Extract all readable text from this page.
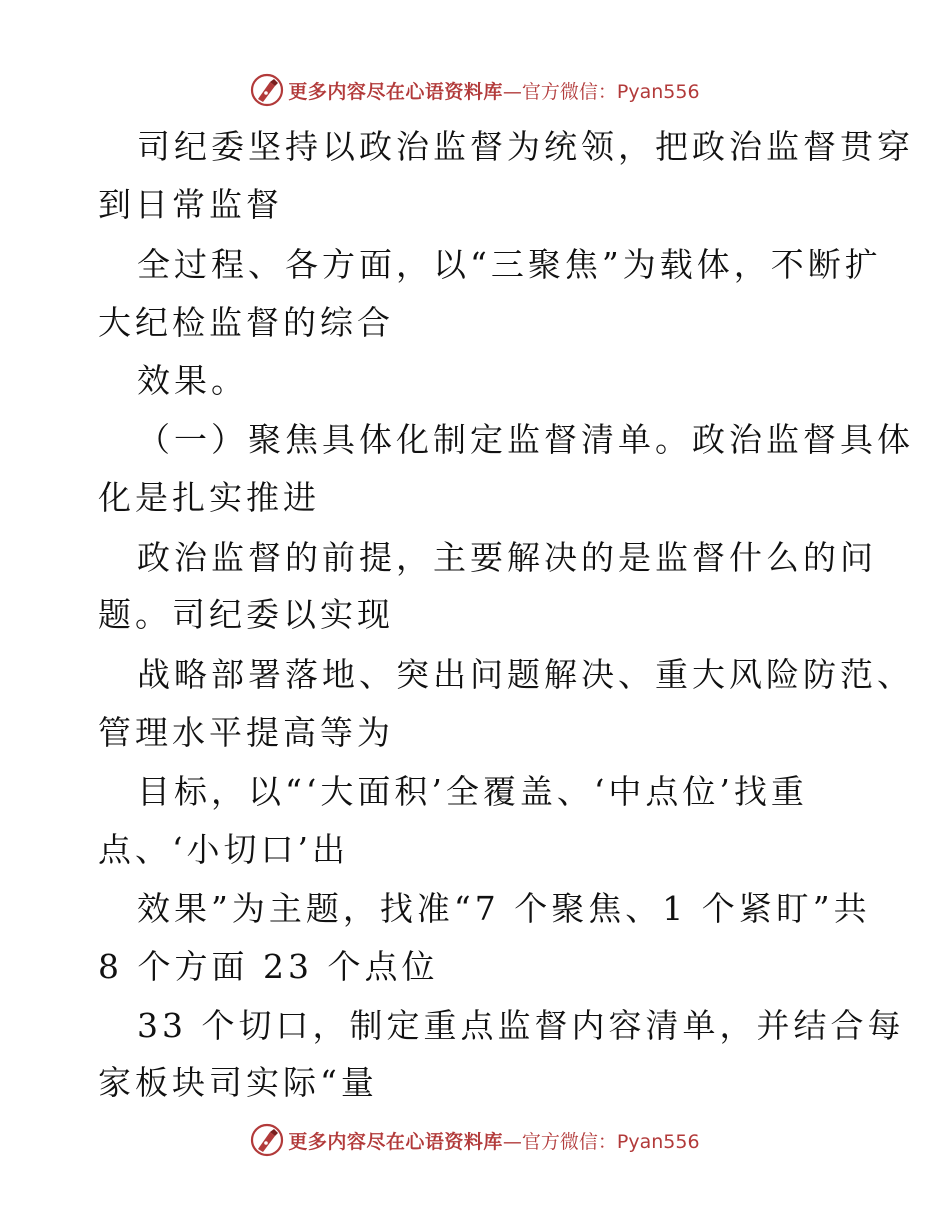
更多内容尽在心语资料库 —官方微信：Pyan556
司纪委坚持以政治监督为统领，把政治监督贯穿
到日常监督
全过程、各方面，以“三聚焦”为载体，不断扩
大纪检监督的综合
效果。
（一）聚焦具体化制定监督清单。政治监督具体
化是扎实推进
政治监督的前提，主要解决的是监督什么的问
题。司纪委以实现
战略部署落地、突出问题解决、重大风险防范、
管理水平提高等为
目标，以“‘大面积’全覆盖、‘中点位’找重
点、‘小切口’出
效果”为主题，找准“7 个聚焦、1 个紧盯”共
8 个方面 23 个点位
33 个切口，制定重点监督内容清单，并结合每
家板块司实际“量
更多内容尽在心语资料库 —官方微信：Pyan556
